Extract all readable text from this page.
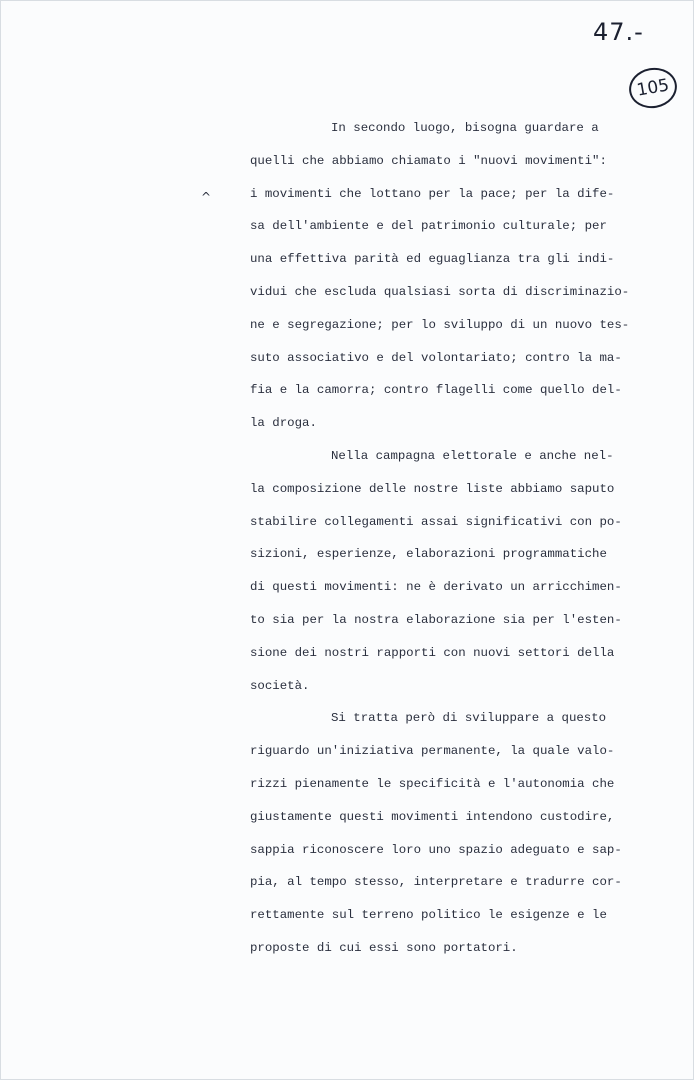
47.-
105
^
In secondo luogo, bisogna guardare a
quelli che abbiamo chiamato i "nuovi movimenti":
i movimenti che lottano per la pace; per la dife-
sa dell'ambiente e del patrimonio culturale; per
una effettiva parità ed eguaglianza tra gli indi-
vidui che escluda qualsiasi sorta di discriminazio-
ne e segregazione; per lo sviluppo di un nuovo tes-
suto associativo e del volontariato; contro la ma-
fia e la camorra; contro flagelli come quello del-
la droga.
Nella campagna elettorale e anche nel-
la composizione delle nostre liste abbiamo saputo
stabilire collegamenti assai significativi con po-
sizioni, esperienze, elaborazioni programmatiche
di questi movimenti: ne è derivato un arricchimen-
to sia per la nostra elaborazione sia per l'esten-
sione dei nostri rapporti con nuovi settori della
società.
Si tratta però di sviluppare a questo
riguardo un'iniziativa permanente, la quale valo-
rizzi pienamente le specificità e l'autonomia che
giustamente questi movimenti intendono custodire,
sappia riconoscere loro uno spazio adeguato e sap-
pia, al tempo stesso, interpretare e tradurre cor-
rettamente sul terreno politico le esigenze e le
proposte di cui essi sono portatori.
